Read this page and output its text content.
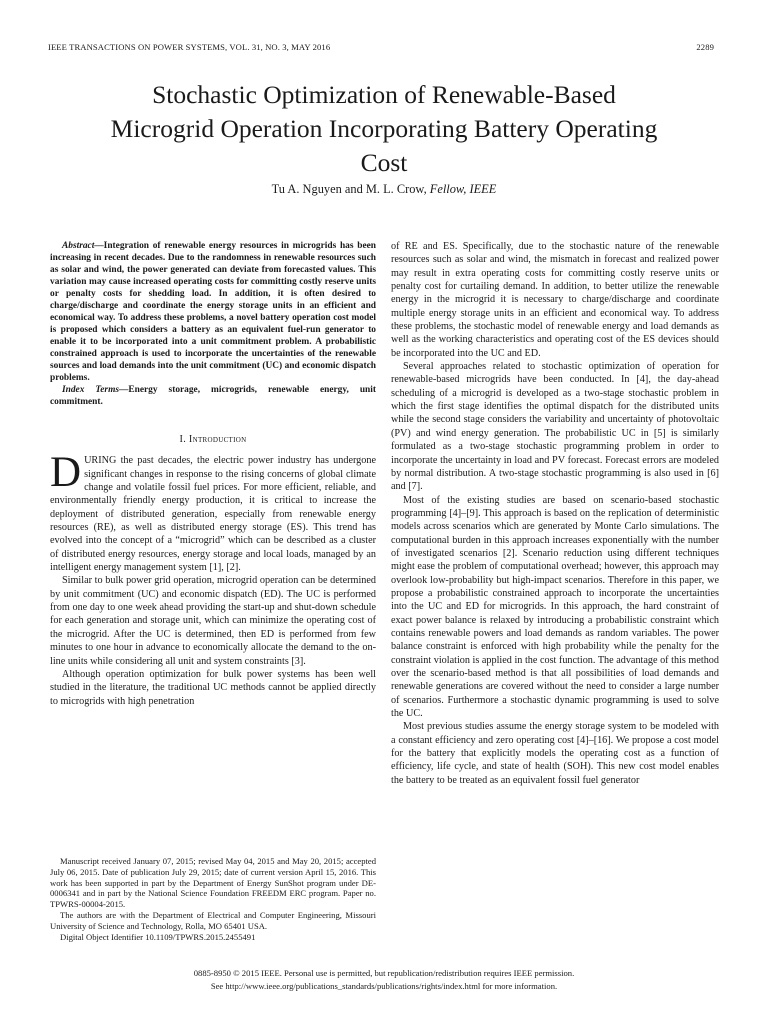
IEEE TRANSACTIONS ON POWER SYSTEMS, VOL. 31, NO. 3, MAY 2016	2289
Stochastic Optimization of Renewable-Based
Microgrid Operation Incorporating Battery Operating
Cost
Tu A. Nguyen and M. L. Crow, Fellow, IEEE

Abstract—Integration of renewable energy resources in microgrids has been increasing in recent decades. Due to the randomness in renewable resources such as solar and wind, the power generated can deviate from forecasted values. This variation may cause increased operating costs for committing costly reserve units or penalty costs for shedding load. In addition, it is often desired to charge/discharge and coordinate the energy storage units in an efficient and economical way. To address these problems, a novel battery operation cost model is proposed which considers a battery as an equivalent fuel-run generator to enable it to be incorporated into a unit commitment problem. A probabilistic constrained approach is used to incorporate the uncertainties of the renewable sources and load demands into the unit commitment (UC) and economic dispatch problems.

Index Terms—Energy storage, microgrids, renewable energy, unit commitment.

I. Introduction

DURING the past decades, the electric power industry has undergone significant changes in response to the rising concerns of global climate change and volatile fossil fuel prices. For more efficient, reliable, and environmentally friendly energy production, it is critical to increase the deployment of distributed generation, especially from renewable energy resources (RE), as well as distributed energy storage (ES). This trend has evolved into the concept of a “microgrid” which can be described as a cluster of distributed energy resources, energy storage and local loads, managed by an intelligent energy management system [1], [2].

Similar to bulk power grid operation, microgrid operation can be determined by unit commitment (UC) and economic dispatch (ED). The UC is performed from one day to one week ahead providing the start-up and shut-down schedule for each generation and storage unit, which can minimize the operating cost of the microgrid. After the UC is determined, then ED is performed from few minutes to one hour in advance to economically allocate the demand to the on-line units while considering all unit and system constraints [3].

Although operation optimization for bulk power systems has been well studied in the literature, the traditional UC methods cannot be applied directly to microgrids with high penetration

of RE and ES. Specifically, due to the stochastic nature of the renewable resources such as solar and wind, the mismatch in forecast and realized power may result in extra operating costs for committing costly reserve units or penalty cost for curtailing demand. In addition, to better utilize the renewable energy in the microgrid it is necessary to charge/discharge and coordinate multiple energy storage units in an efficient and economical way. To address these problems, the stochastic model of renewable energy and load demands as well as the working characteristics and operating cost of the ES devices should be incorporated into the UC and ED.

Several approaches related to stochastic optimization of operation for renewable-based microgrids have been conducted. In [4], the day-ahead scheduling of a microgrid is developed as a two-stage stochastic problem in which the first stage identifies the optimal dispatch for the distributed units while the second stage considers the variability and uncertainty of photovoltaic (PV) and wind energy generation. The probabilistic UC in [5] is similarly formulated as a two-stage stochastic programming problem in order to incorporate the uncertainty in load and PV forecast. Forecast errors are modeled by normal distribution. A two-stage stochastic programming is also used in [6] and [7].

Most of the existing studies are based on scenario-based stochastic programming [4]–[9]. This approach is based on the replication of deterministic models across scenarios which are generated by Monte Carlo simulations. The computational burden in this approach increases exponentially with the number of investigated scenarios [2]. Scenario reduction using different techniques might ease the problem of computational overhead; however, this approach may overlook low-probability but high-impact scenarios. Therefore in this paper, we propose a probabilistic constrained approach to incorporate the uncertainties into the UC and ED for microgrids. In this approach, the hard constraint of exact power balance is relaxed by introducing a probabilistic constraint which contains renewable powers and load demands as random variables. The power balance constraint is enforced with high probability while the penalty for the constraint violation is applied in the cost function. The advantage of this method over the scenario-based method is that all possibilities of load demands and renewable generations are covered without the need to consider a large number of scenarios. Furthermore a stochastic dynamic programming is used to solve the UC.

Most previous studies assume the energy storage system to be modeled with a constant efficiency and zero operating cost [4]–[16]. We propose a cost model for the battery that explicitly models the operating cost as a function of efficiency, life cycle, and state of health (SOH). This new cost model enables the battery to be treated as an equivalent fossil fuel generator

Manuscript received January 07, 2015; revised May 04, 2015 and May 20, 2015; accepted July 06, 2015. Date of publication July 29, 2015; date of current version April 15, 2016. This work has been supported in part by the Department of Energy SunShot program under DE-0006341 and in part by the National Science Foundation FREEDM ERC program. Paper no. TPWRS-00004-2015.

The authors are with the Department of Electrical and Computer Engineering, Missouri University of Science and Technology, Rolla, MO 65401 USA.

Digital Object Identifier 10.1109/TPWRS.2015.2455491

0885-8950 © 2015 IEEE. Personal use is permitted, but republication/redistribution requires IEEE permission.
See http://www.ieee.org/publications_standards/publications/rights/index.html for more information.
